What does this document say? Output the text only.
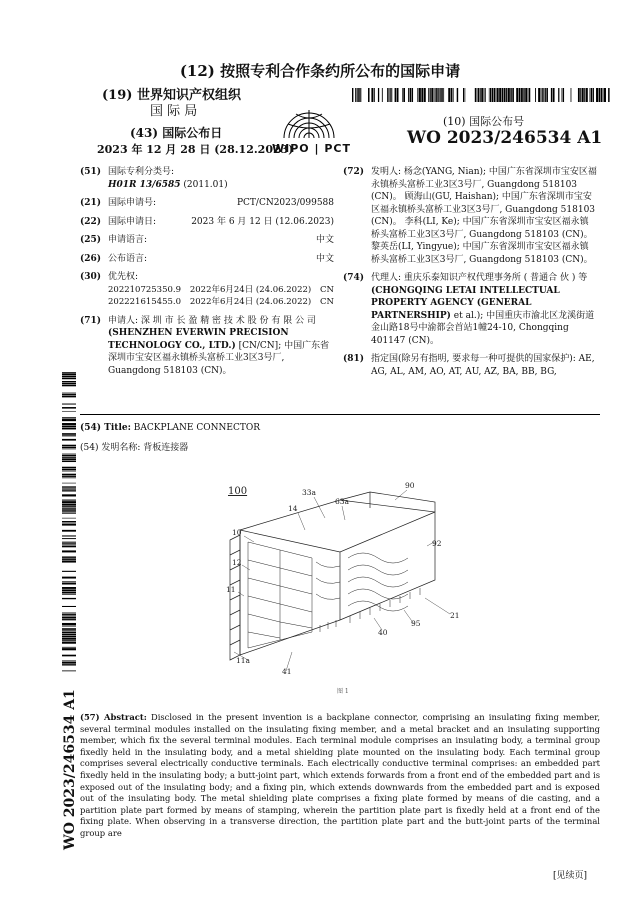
(12) 按照专利合作条约所公布的国际申请
(19) 世界知识产权组织
国 际 局
(43) 国际公布日
2023 年 12 月 28 日 (28.12.2023)
WIPO | PCT
(10) 国际公布号
WO 2023/246534 A1
(51) 国际专利分类号:
H01R 13/6585 (2011.01)
(21) 国际申请号:	PCT/CN2023/099588
(22) 国际申请日:	2023 年 6 月 12 日 (12.06.2023)
(25) 申请语言:	中文
(26) 公布语言:	中文
(30) 优先权:
202210725350.9 2022年6月24日 (24.06.2022) CN
202221615455.0 2022年6月24日 (24.06.2022) CN
(71) 申请人: 深 圳 市 长 盈 精 密 技 术 股 份 有 限 公 司 (SHENZHEN EVERWIN PRECISION TECHNOLOGY CO., LTD.) [CN/CN]; 中国广东省深圳市宝安区福永镇桥头富桥工业3区3号厂, Guangdong 518103 (CN)。
(72) 发明人: 杨念(YANG, Nian); 中国广东省深圳市宝安区福永镇桥头富桥工业3区3号厂, Guangdong 518103 (CN)。 顾海山(GU, Haishan); 中国广东省深圳市宝安区福永镇桥头富桥工业3区3号厂, Guangdong 518103 (CN)。 李科(LI, Ke); 中国广东省深圳市宝安区福永镇桥头富桥工业3区3号厂, Guangdong 518103 (CN)。 黎英岳(LI, Yingyue); 中国广东省深圳市宝安区福永镇桥头富桥工业3区3号厂, Guangdong 518103 (CN)。
(74) 代理人: 重庆乐泰知识产权代理事务所 ( 普通合 伙 ) 等 (CHONGQING LETAI INTELLECTUAL PROPERTY AGENCY (GENERAL PARTNERSHIP) et al.); 中国重庆市渝北区龙溪街道金山路18号中渝都会首站1幢24-10, Chongqing 401147 (CN)。
(81) 指定国(除另有指明, 要求每一种可提供的国家保护): AE, AG, AL, AM, AO, AT, AU, AZ, BA, BB, BG,
WO 2023/246534 A1
(54) Title: BACKPLANE CONNECTOR
(54) 发明名称: 背板连接器
100	33a
90
14
63a
10
92
12
11
21
95
40
11a
41
图 1
(57) Abstract: Disclosed in the present invention is a backplane connector, comprising an insulating fixing member, several terminal modules installed on the insulating fixing member, and a metal bracket and an insulating supporting member, which fix the several terminal modules. Each terminal module comprises an insulating body, a terminal group fixedly held in the insulating body, and a metal shielding plate mounted on the insulating body. Each terminal group comprises several electrically conductive terminals. Each electrically conductive terminal comprises: an embedded part fixedly held in the insulating body; a butt-joint part, which extends forwards from a front end of the embedded part and is exposed out of the insulating body; and a fixing pin, which extends downwards from the embedded part and is exposed out of the insulating body. The metal shielding plate comprises a fixing plate formed by means of die casting, and a partition plate part formed by means of stamping, wherein the partition plate part is fixedly held at a front end of the fixing plate. When observing in a transverse direction, the partition plate part and the butt-joint parts of the terminal group are
[见续页]
